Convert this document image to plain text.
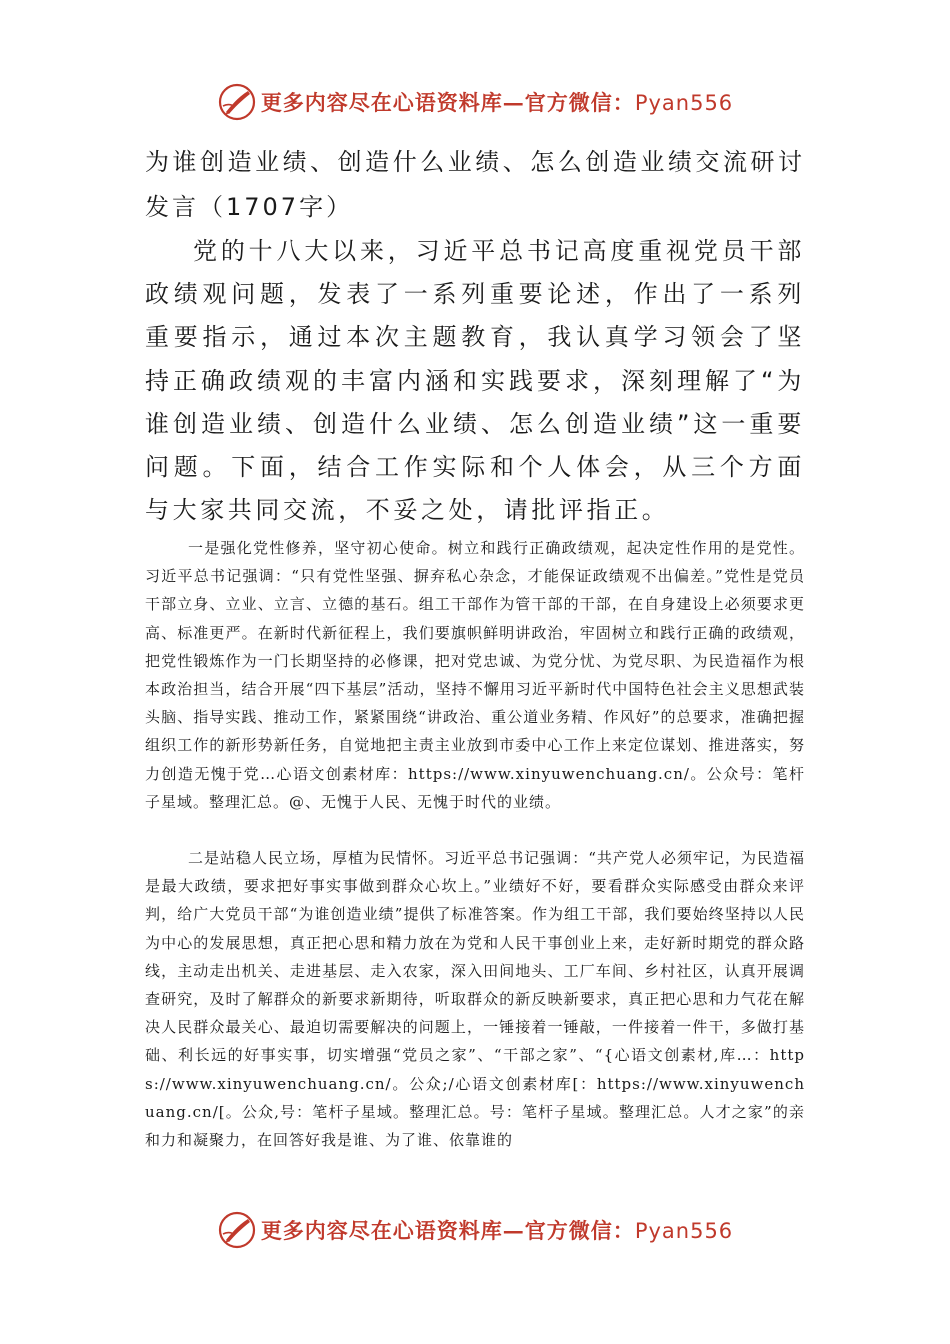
更多内容尽在心语资料库—官方微信：Pyan556
为谁创造业绩、创造什么业绩、怎么创造业绩交流研讨发言（1707字）

党的十八大以来，习近平总书记高度重视党员干部政绩观问题，发表了一系列重要论述，作出了一系列重要指示，通过本次主题教育，我认真学习领会了坚持正确政绩观的丰富内涵和实践要求，深刻理解了“为谁创造业绩、创造什么业绩、怎么创造业绩”这一重要问题。下面，结合工作实际和个人体会，从三个方面与大家共同交流，不妥之处，请批评指正。

一是强化党性修养，坚守初心使命。树立和践行正确政绩观，起决定性作用的是党性。习近平总书记强调：“只有党性坚强、摒弃私心杂念，才能保证政绩观不出偏差。”党性是党员干部立身、立业、立言、立德的基石。组工干部作为管干部的干部，在自身建设上必须要求更高、标准更严。在新时代新征程上，我们要旗帜鲜明讲政治，牢固树立和践行正确的政绩观，把党性锻炼作为一门长期坚持的必修课，把对党忠诚、为党分忧、为党尽职、为民造福作为根本政治担当，结合开展“四下基层”活动，坚持不懈用习近平新时代中国特色社会主义思想武装头脑、指导实践、推动工作，紧紧围绕“讲政治、重公道业务精、作风好”的总要求，准确把握组织工作的新形势新任务，自觉地把主责主业放到市委中心工作上来定位谋划、推进落实，努力创造无愧于党…心语文创素材库：https://www.xinyuwenchuang.cn/。公众号：笔杆子星域。整理汇总。@、无愧于人民、无愧于时代的业绩。

二是站稳人民立场，厚植为民情怀。习近平总书记强调：“共产党人必须牢记，为民造福是最大政绩，要求把好事实事做到群众心坎上。”业绩好不好，要看群众实际感受由群众来评判，给广大党员干部“为谁创造业绩”提供了标准答案。作为组工干部，我们要始终坚持以人民为中心的发展思想，真正把心思和精力放在为党和人民干事创业上来，走好新时期党的群众路线，主动走出机关、走进基层、走入农家，深入田间地头、工厂车间、乡村社区，认真开展调查研究，及时了解群众的新要求新期待，听取群众的新反映新要求，真正把心思和力气花在解决人民群众最关心、最迫切需要解决的问题上，一锤接着一锤敲，一件接着一件干，多做打基础、利长远的好事实事，切实增强“党员之家”、“干部之家”、“{心语文创素材,库…：https://www.xinyuwenchuang.cn/。公众;/心语文创素材库[：https://www.xinyuwenchuang.cn/[。公众,号：笔杆子星域。整理汇总。号：笔杆子星域。整理汇总。人才之家”的亲和力和凝聚力，在回答好我是谁、为了谁、依靠谁的

更多内容尽在心语资料库—官方微信：Pyan556
